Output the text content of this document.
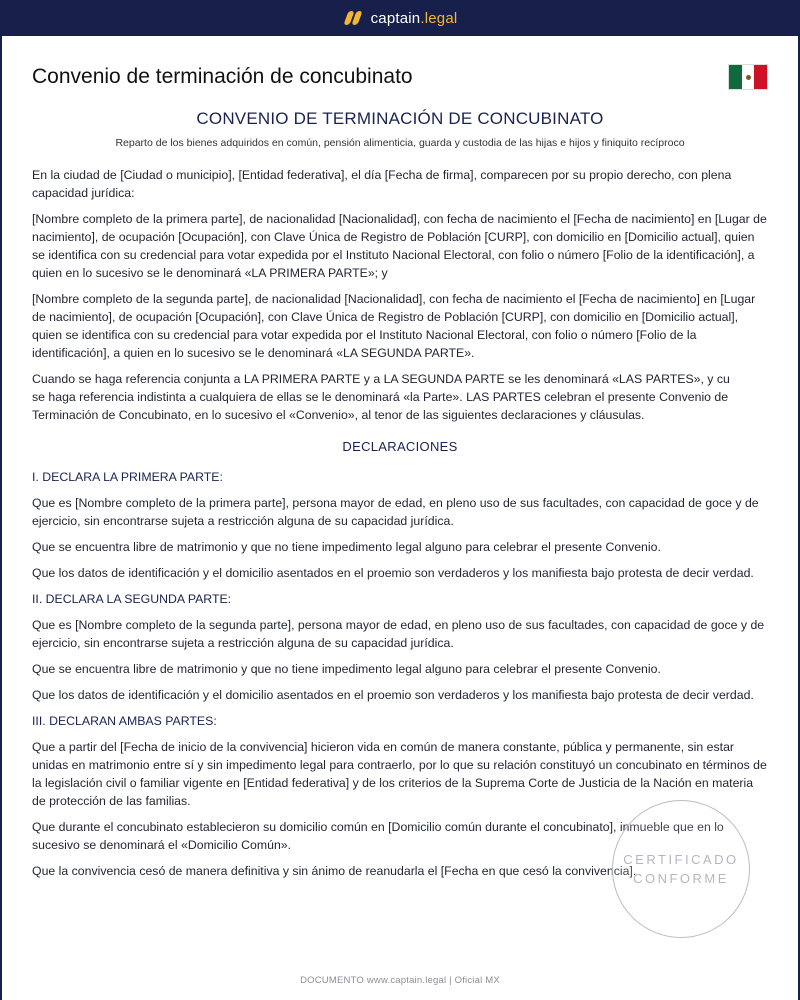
captain.legal
Convenio de terminación de concubinato
CONVENIO DE TERMINACIÓN DE CONCUBINATO
Reparto de los bienes adquiridos en común, pensión alimenticia, guarda y custodia de las hijas e hijos y finiquito recíproco

En la ciudad de [Ciudad o municipio], [Entidad federativa], el día [Fecha de firma], comparecen por su propio derecho, con plena capacidad jurídica:

[Nombre completo de la primera parte], de nacionalidad [Nacionalidad], con fecha de nacimiento el [Fecha de nacimiento] en [Lugar de nacimiento], de ocupación [Ocupación], con Clave Única de Registro de Población [CURP], con domicilio en [Domicilio actual], quien se identifica con su credencial para votar expedida por el Instituto Nacional Electoral, con folio o número [Folio de la identificación], a quien en lo sucesivo se le denominará «LA PRIMERA PARTE»; y

[Nombre completo de la segunda parte], de nacionalidad [Nacionalidad], con fecha de nacimiento el [Fecha de nacimiento] en [Lugar de nacimiento], de ocupación [Ocupación], con Clave Única de Registro de Población [CURP], con domicilio en [Domicilio actual], quien se identifica con su credencial para votar expedida por el Instituto Nacional Electoral, con folio o número [Folio de la identificación], a quien en lo sucesivo se le denominará «LA SEGUNDA PARTE».

Cuando se haga referencia conjunta a LA PRIMERA PARTE y a LA SEGUNDA PARTE se les denominará «LAS PARTES», y cu
se haga referencia indistinta a cualquiera de ellas se le denominará «la Parte». LAS PARTES celebran el presente Convenio de Terminación de Concubinato, en lo sucesivo el «Convenio», al tenor de las siguientes declaraciones y cláusulas.

DECLARACIONES
I. DECLARA LA PRIMERA PARTE:

Que es [Nombre completo de la primera parte], persona mayor de edad, en pleno uso de sus facultades, con capacidad de goce y de ejercicio, sin encontrarse sujeta a restricción alguna de su capacidad jurídica.

Que se encuentra libre de matrimonio y que no tiene impedimento legal alguno para celebrar el presente Convenio.

Que los datos de identificación y el domicilio asentados en el proemio son verdaderos y los manifiesta bajo protesta de decir verdad.

II. DECLARA LA SEGUNDA PARTE:

Que es [Nombre completo de la segunda parte], persona mayor de edad, en pleno uso de sus facultades, con capacidad de goce y de ejercicio, sin encontrarse sujeta a restricción alguna de su capacidad jurídica.

Que se encuentra libre de matrimonio y que no tiene impedimento legal alguno para celebrar el presente Convenio.

Que los datos de identificación y el domicilio asentados en el proemio son verdaderos y los manifiesta bajo protesta de decir verdad.

III. DECLARAN AMBAS PARTES:

Que a partir del [Fecha de inicio de la convivencia] hicieron vida en común de manera constante, pública y permanente, sin estar unidas en matrimonio entre sí y sin impedimento legal para contraerlo, por lo que su relación constituyó un concubinato en términos de la legislación civil o familiar vigente en [Entidad federativa] y de los criterios de la Suprema Corte de Justicia de la Nación en materia de protección de las familias.

Que durante el concubinato establecieron su domicilio común en [Domicilio común durante el concubinato], inmueble que en lo sucesivo se denominará el «Domicilio Común».

Que la convivencia cesó de manera definitiva y sin ánimo de reanudarla el [Fecha en que cesó la convivencia].

CERTIFICADO
CONFORME
DOCUMENTO www.captain.legal | Oficial MX
